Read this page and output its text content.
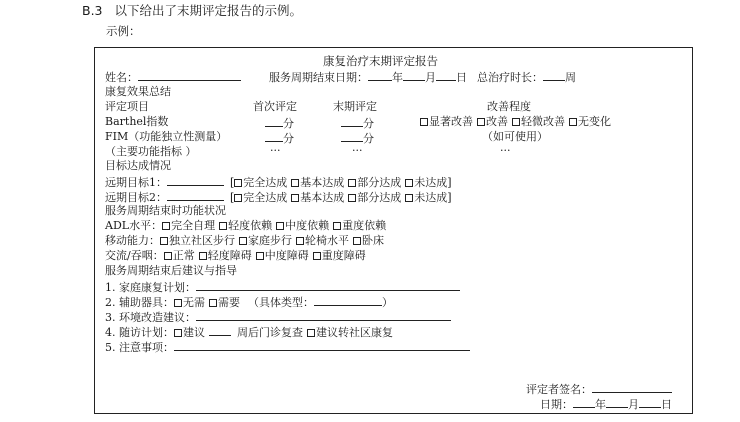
B.3 以下给出了末期评定报告的示例。
示例：
康复治疗末期评定报告
姓名：	服务周期结束日期： 年 月 日 总治疗时长： 周
康复效果总结
评定项目	首次评定	末期评定	改善程度
Barthel指数	分	分	显著改善 改善 轻微改善 无变化
FIM（功能独立性测量）	分	分	（如可使用）
（主要功能指标 ）	···	···	···
目标达成情况
远期目标1：	[ 完全达成 基本达成 部分达成 未达成]
远期目标2：	[ 完全达成 基本达成 部分达成 未达成]
服务周期结束时功能状况
ADL水平： 完全自理 轻度依赖 中度依赖 重度依赖
移动能力： 独立社区步行 家庭步行 轮椅水平 卧床
交流/吞咽： 正常 轻度障碍 中度障碍 重度障碍
服务周期结束后建议与指导
1. 家庭康复计划：
2. 辅助器具： 无需 需要 （具体类型：	）
3. 环境改造建议：
4. 随访计划： 建议	周后门诊复查 建议转社区康复
5. 注意事项：
评定者签名：
日期： 年 月 日
